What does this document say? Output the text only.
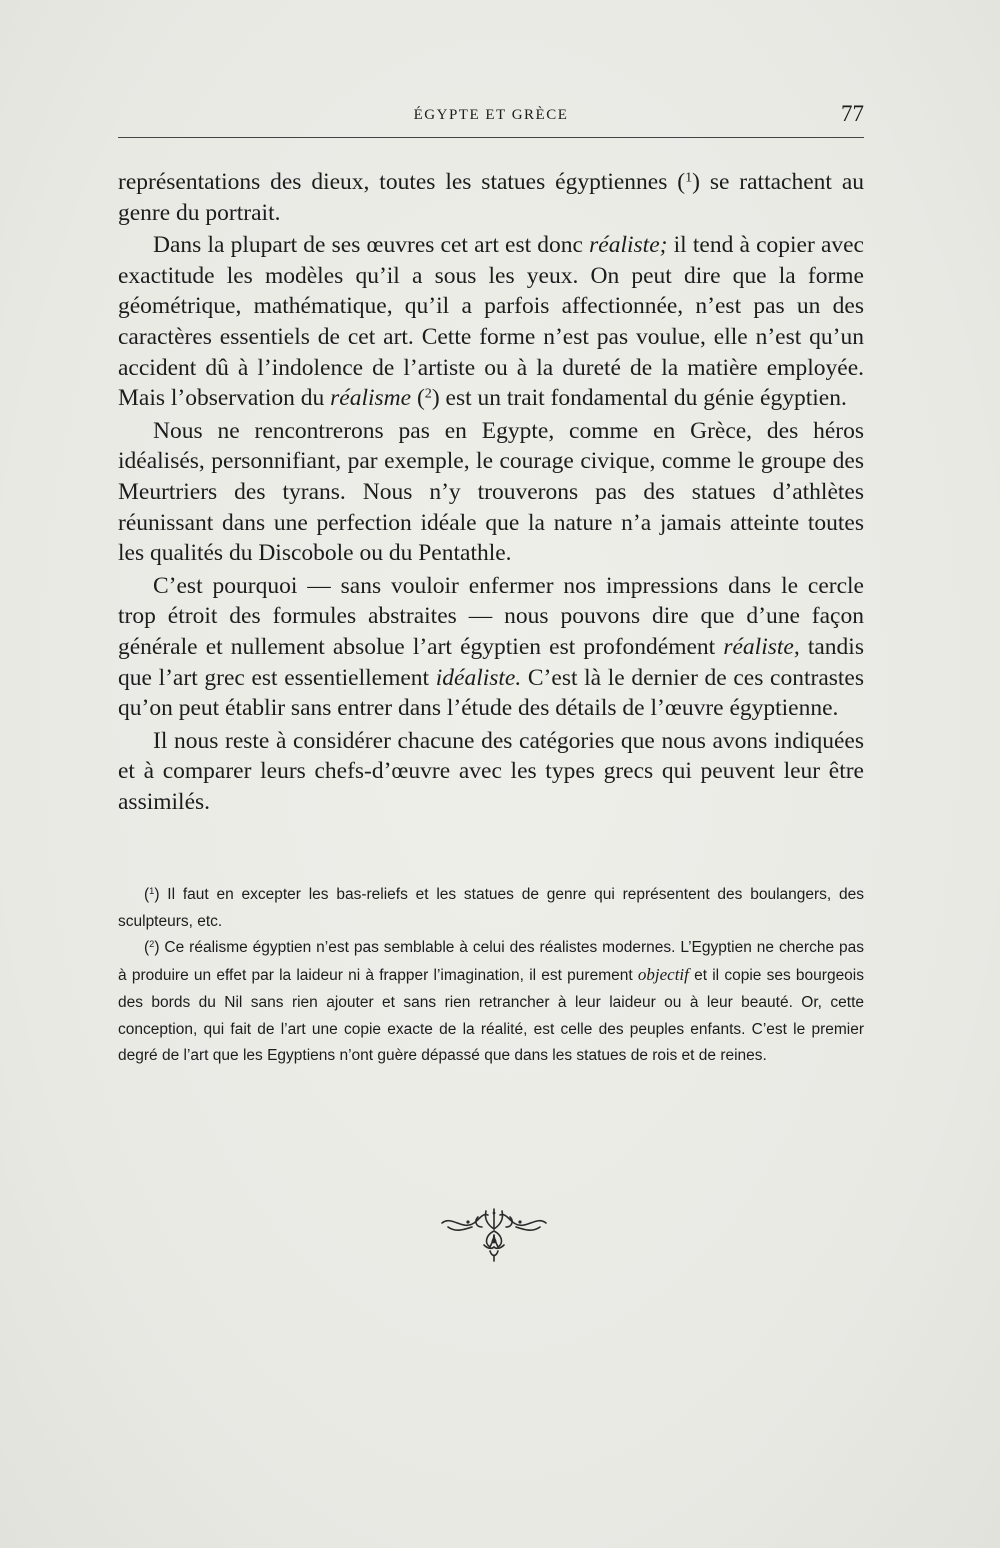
ÉGYPTE ET GRÈCE	77

représentations des dieux, toutes les statues égyptiennes ($^1$) se rattachent au genre du portrait.

Dans la plupart de ses œuvres cet art est donc réaliste; il tend à copier avec exactitude les modèles qu’il a sous les yeux. On peut dire que la forme géométrique, mathématique, qu’il a parfois affectionnée, n’est pas un des caractères essentiels de cet art. Cette forme n’est pas voulue, elle n’est qu’un accident dû à l’indolence de l’artiste ou à la dureté de la matière employée. Mais l’observation du réalisme ($^2$) est un trait fondamental du génie égyptien.

Nous ne rencontrerons pas en Egypte, comme en Grèce, des héros idéalisés, personnifiant, par exemple, le courage civique, comme le groupe des Meurtriers des tyrans. Nous n’y trouverons pas des statues d’athlètes réunissant dans une perfection idéale que la nature n’a jamais atteinte toutes les qualités du Discobole ou du Pentathle.

C’est pourquoi — sans vouloir enfermer nos impressions dans le cercle trop étroit des formules abstraites — nous pouvons dire que d’une façon générale et nullement absolue l’art égyptien est profondément réaliste, tandis que l’art grec est essentiellement idéaliste. C’est là le dernier de ces contrastes qu’on peut établir sans entrer dans l’étude des détails de l’œuvre égyptienne.

Il nous reste à considérer chacune des catégories que nous avons indiquées et à comparer leurs chefs-d’œuvre avec les types grecs qui peuvent leur être assimilés.

($^1$) Il faut en excepter les bas-reliefs et les statues de genre qui représentent des boulangers, des sculpteurs, etc.

($^2$) Ce réalisme égyptien n’est pas semblable à celui des réalistes modernes. L’Egyptien ne cherche pas à produire un effet par la laideur ni à frapper l’imagination, il est purement objectif et il copie ses bourgeois des bords du Nil sans rien ajouter et sans rien retrancher à leur laideur ou à leur beauté. Or, cette conception, qui fait de l’art une copie exacte de la réalité, est celle des peuples enfants. C’est le premier degré de l’art que les Egyptiens n’ont guère dépassé que dans les statues de rois et de reines.
